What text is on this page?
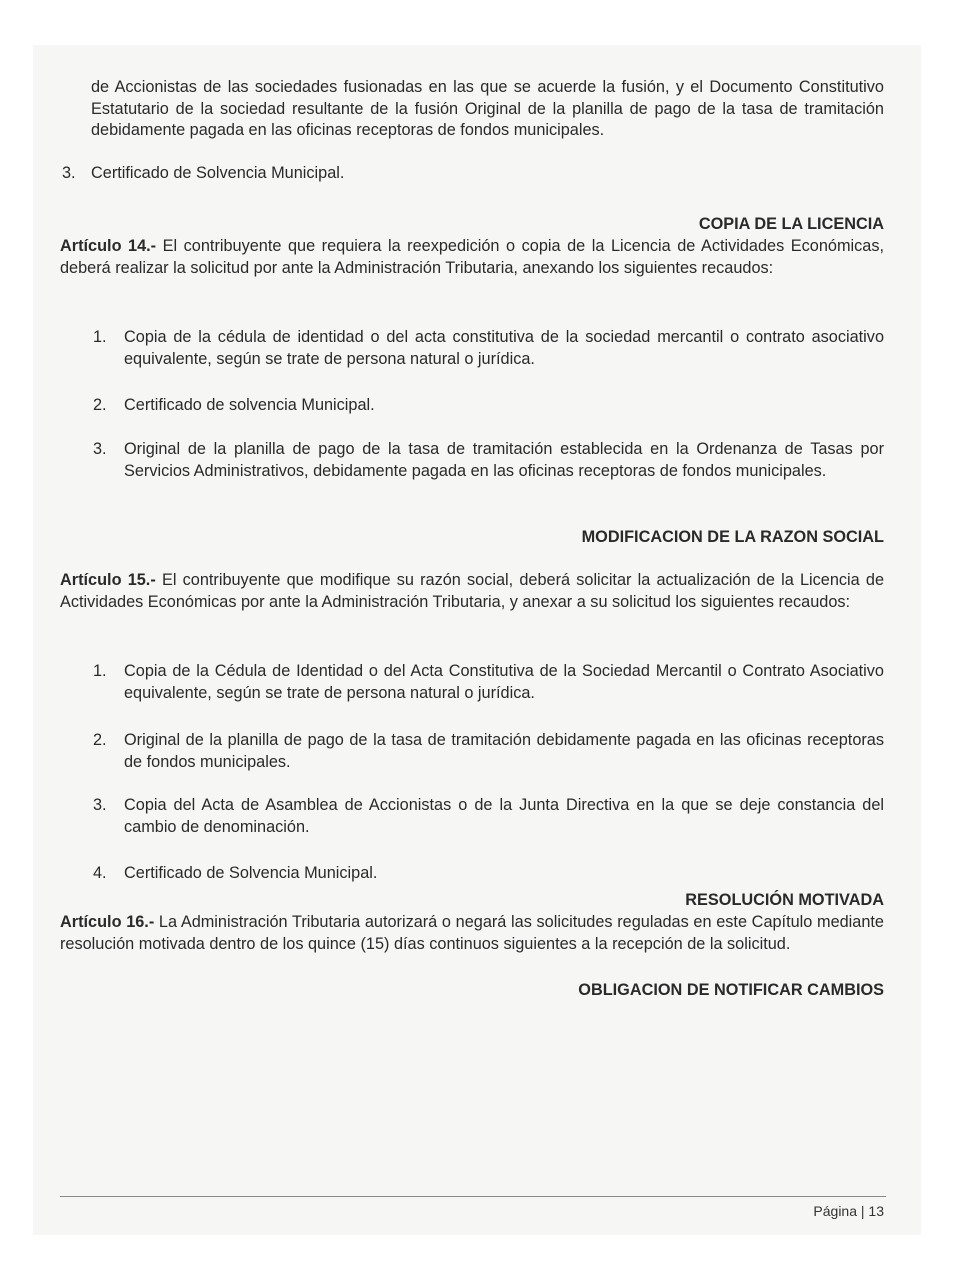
de Accionistas de las sociedades fusionadas en las que se acuerde la fusión, y el Documento Constitutivo Estatutario de la sociedad resultante de la fusión Original de la planilla de pago de la tasa de tramitación debidamente pagada en las oficinas receptoras de fondos municipales.
3. Certificado de Solvencia Municipal.
COPIA DE LA LICENCIA
Artículo 14.- El contribuyente que requiera la reexpedición o copia de la Licencia de Actividades Económicas, deberá realizar la solicitud por ante la Administración Tributaria, anexando los siguientes recaudos:
1. Copia de la cédula de identidad o del acta constitutiva de la sociedad mercantil o contrato asociativo equivalente, según se trate de persona natural o jurídica.
2. Certificado de solvencia Municipal.
3. Original de la planilla de pago de la tasa de tramitación establecida en la Ordenanza de Tasas por Servicios Administrativos, debidamente pagada en las oficinas receptoras de fondos municipales.
MODIFICACION DE LA RAZON SOCIAL
Artículo 15.- El contribuyente que modifique su razón social, deberá solicitar la actualización de la Licencia de Actividades Económicas por ante la Administración Tributaria, y anexar a su solicitud los siguientes recaudos:
1. Copia de la Cédula de Identidad o del Acta Constitutiva de la Sociedad Mercantil o Contrato Asociativo equivalente, según se trate de persona natural o jurídica.
2. Original de la planilla de pago de la tasa de tramitación debidamente pagada en las oficinas receptoras de fondos municipales.
3. Copia del Acta de Asamblea de Accionistas o de la Junta Directiva en la que se deje constancia del cambio de denominación.
4. Certificado de Solvencia Municipal.
RESOLUCIÓN MOTIVADA
Artículo 16.- La Administración Tributaria autorizará o negará las solicitudes reguladas en este Capítulo mediante resolución motivada dentro de los quince (15) días continuos siguientes a la recepción de la solicitud.
OBLIGACION DE NOTIFICAR CAMBIOS
Página | 13
